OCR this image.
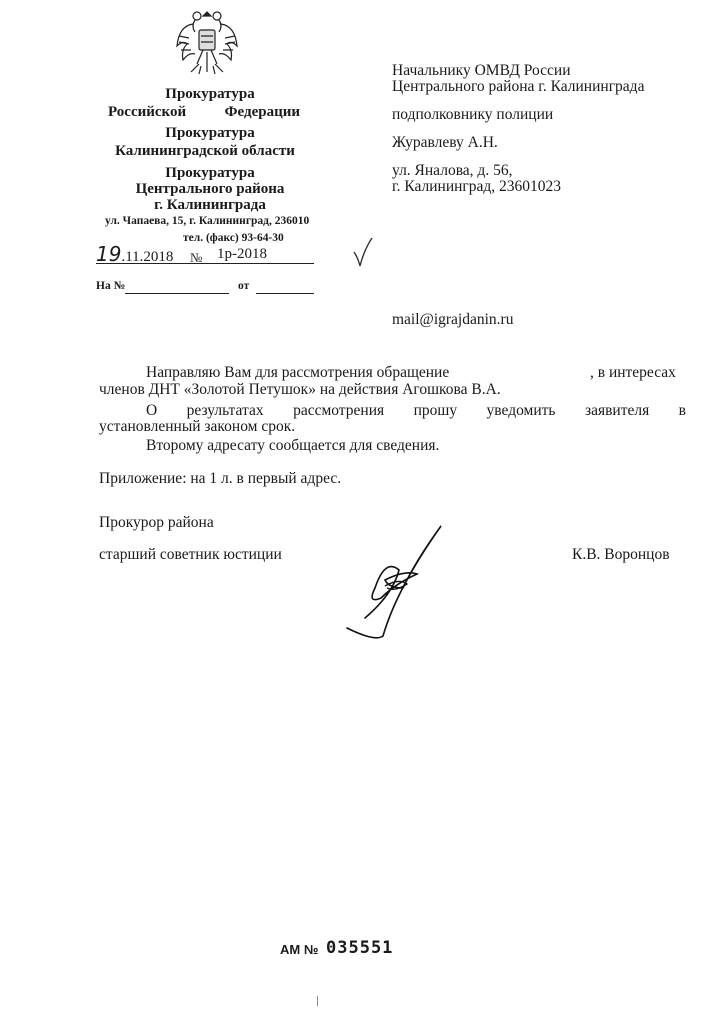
Прокуратура
Российской	Федерации
Прокуратура
Калининградской области
Прокуратура
Центрального района
г. Калининграда
ул. Чапаева, 15, г. Калининград, 236010
тел. (факс) 93-64-30
19.11.2018 № 1р-2018
На №	от
Начальнику ОМВД России
Центрального района г. Калининграда
подполковнику полиции
Журавлеву А.Н.
ул. Яналова, д. 56,
г. Калининград, 23601023
mail@igrajdanin.ru
Направляю Вам для рассмотрения обращение	, в интересах
членов ДНТ «Золотой Петушок» на действия Агошкова В.А.
О результатах рассмотрения прошу уведомить заявителя в
установленный законом срок.
Второму адресату сообщается для сведения.
Приложение: на 1 л. в первый адрес.
Прокурор района
старший советник юстиции	К.В. Воронцов
АМ № 035551
